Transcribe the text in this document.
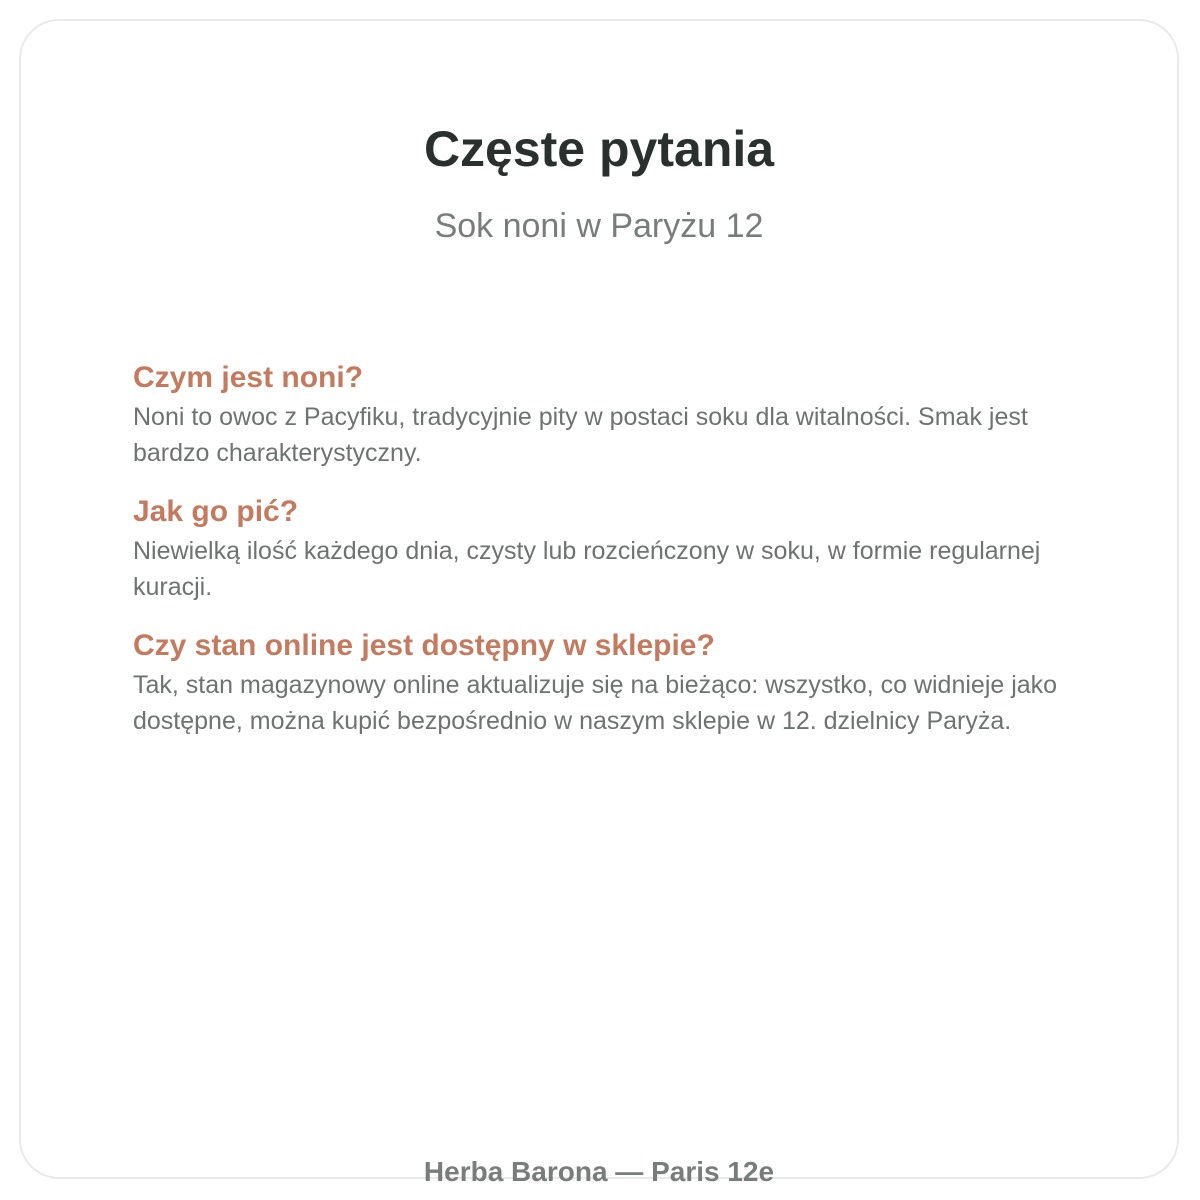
Częste pytania

Sok noni w Paryżu 12

Czym jest noni?

Noni to owoc z Pacyfiku, tradycyjnie pity w postaci soku dla witalności. Smak jest bardzo charakterystyczny.

Jak go pić?

Niewielką ilość każdego dnia, czysty lub rozcieńczony w soku, w formie regularnej kuracji.

Czy stan online jest dostępny w sklepie?

Tak, stan magazynowy online aktualizuje się na bieżąco: wszystko, co widnieje jako dostępne, można kupić bezpośrednio w naszym sklepie w 12. dzielnicy Paryża.

Herba Barona — Paris 12e
